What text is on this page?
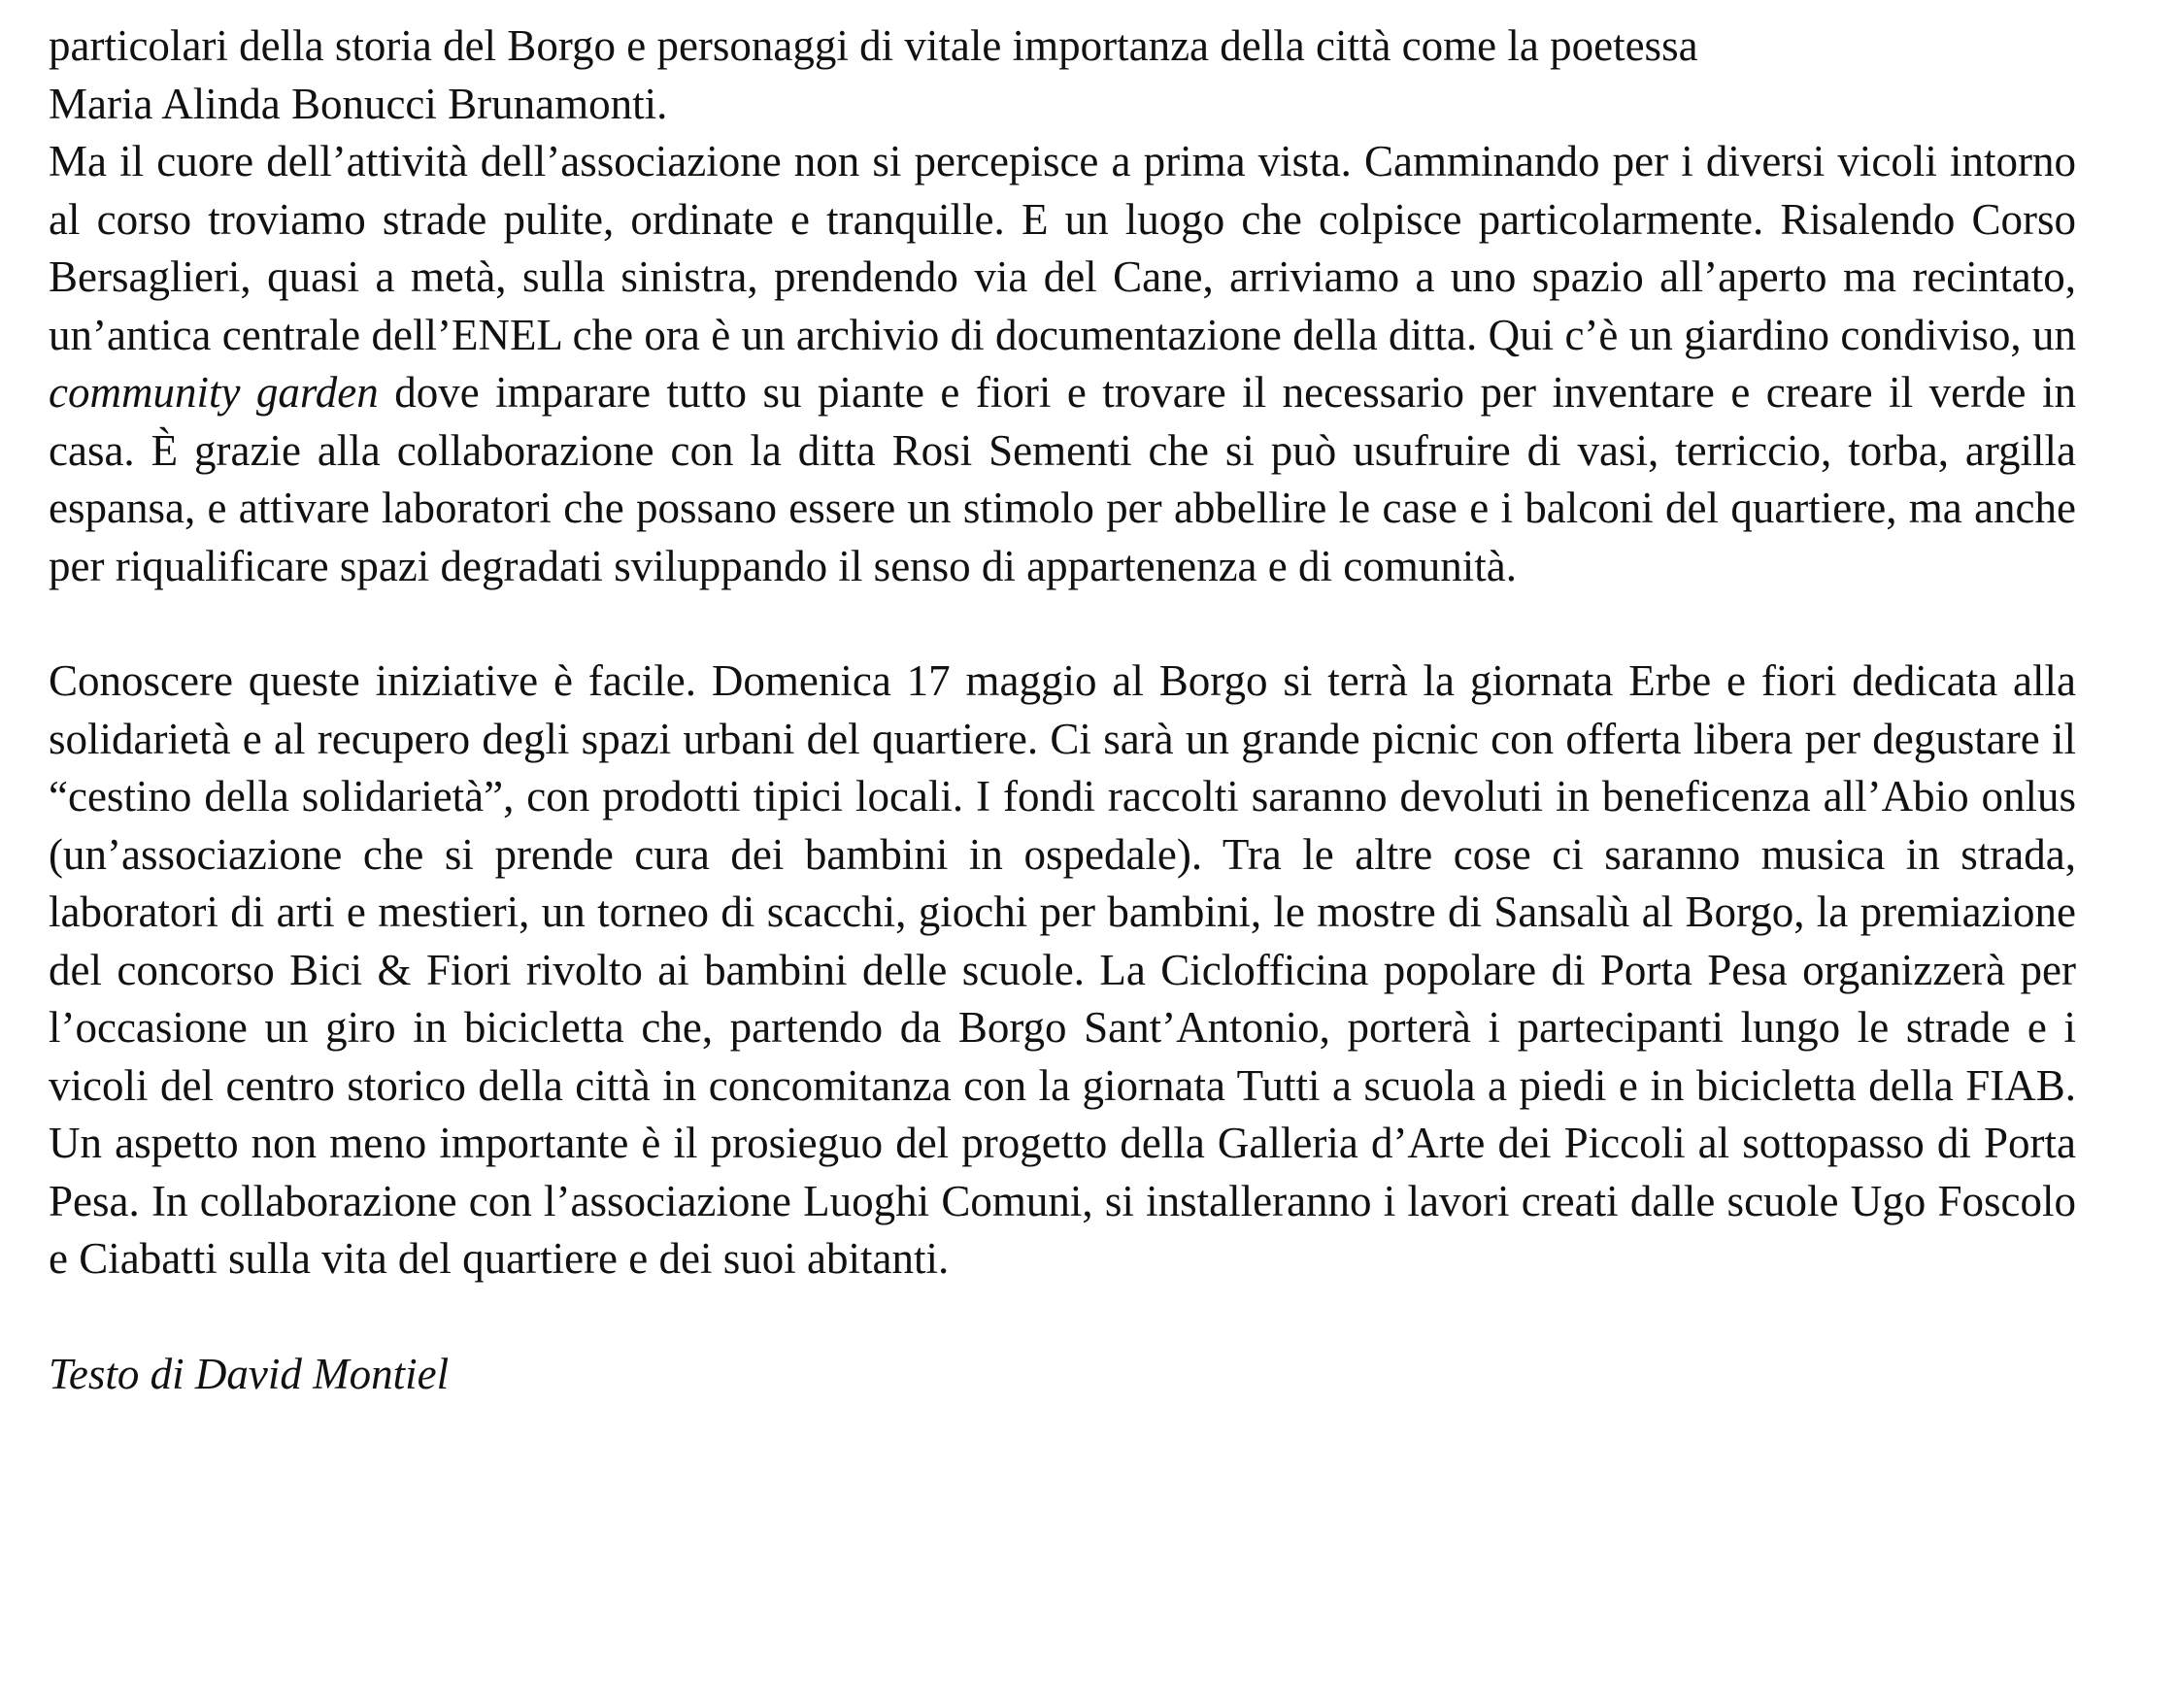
particolari della storia del Borgo e personaggi di vitale importanza della città come la poetessa
Maria Alinda Bonucci Brunamonti.

Ma il cuore dell’attività dell’associazione non si percepisce a prima vista. Camminando per i diversi vicoli intorno al corso troviamo strade pulite, ordinate e tranquille. E un luogo che colpisce particolarmente. Risalendo Corso Bersaglieri, quasi a metà, sulla sinistra, prendendo via del Cane, arriviamo a uno spazio all’aperto ma recintato, un’antica centrale dell’ENEL che ora è un archivio di documentazione della ditta. Qui c’è un giardino condiviso, un community garden dove imparare tutto su piante e fiori e trovare il necessario per inventare e creare il verde in casa. È grazie alla collaborazione con la ditta Rosi Sementi che si può usufruire di vasi, terriccio, torba, argilla espansa, e attivare laboratori che possano essere un stimolo per abbellire le case e i balconi del quartiere, ma anche per riqualificare spazi degradati sviluppando il senso di appartenenza e di comunità.

Conoscere queste iniziative è facile. Domenica 17 maggio al Borgo si terrà la giornata Erbe e fiori dedicata alla solidarietà e al recupero degli spazi urbani del quartiere. Ci sarà un grande picnic con offerta libera per degustare il “cestino della solidarietà”, con prodotti tipici locali. I fondi raccolti saranno devoluti in beneficenza all’Abio onlus (un’associazione che si prende cura dei bambini in ospedale). Tra le altre cose ci saranno musica in strada, laboratori di arti e mestieri, un torneo di scacchi, giochi per bambini, le mostre di Sansalù al Borgo, la premiazione del concorso Bici & Fiori rivolto ai bambini delle scuole. La Ciclofficina popolare di Porta Pesa organizzerà per l’occasione un giro in bicicletta che, partendo da Borgo Sant’Antonio, porterà i partecipanti lungo le strade e i vicoli del centro storico della città in concomitanza con la giornata Tutti a scuola a piedi e in bicicletta della FIAB. Un aspetto non meno importante è il prosieguo del progetto della Galleria d’Arte dei Piccoli al sottopasso di Porta Pesa. In collaborazione con l’associazione Luoghi Comuni, si installeranno i lavori creati dalle scuole Ugo Foscolo e Ciabatti sulla vita del quartiere e dei suoi abitanti.

Testo di David Montiel
